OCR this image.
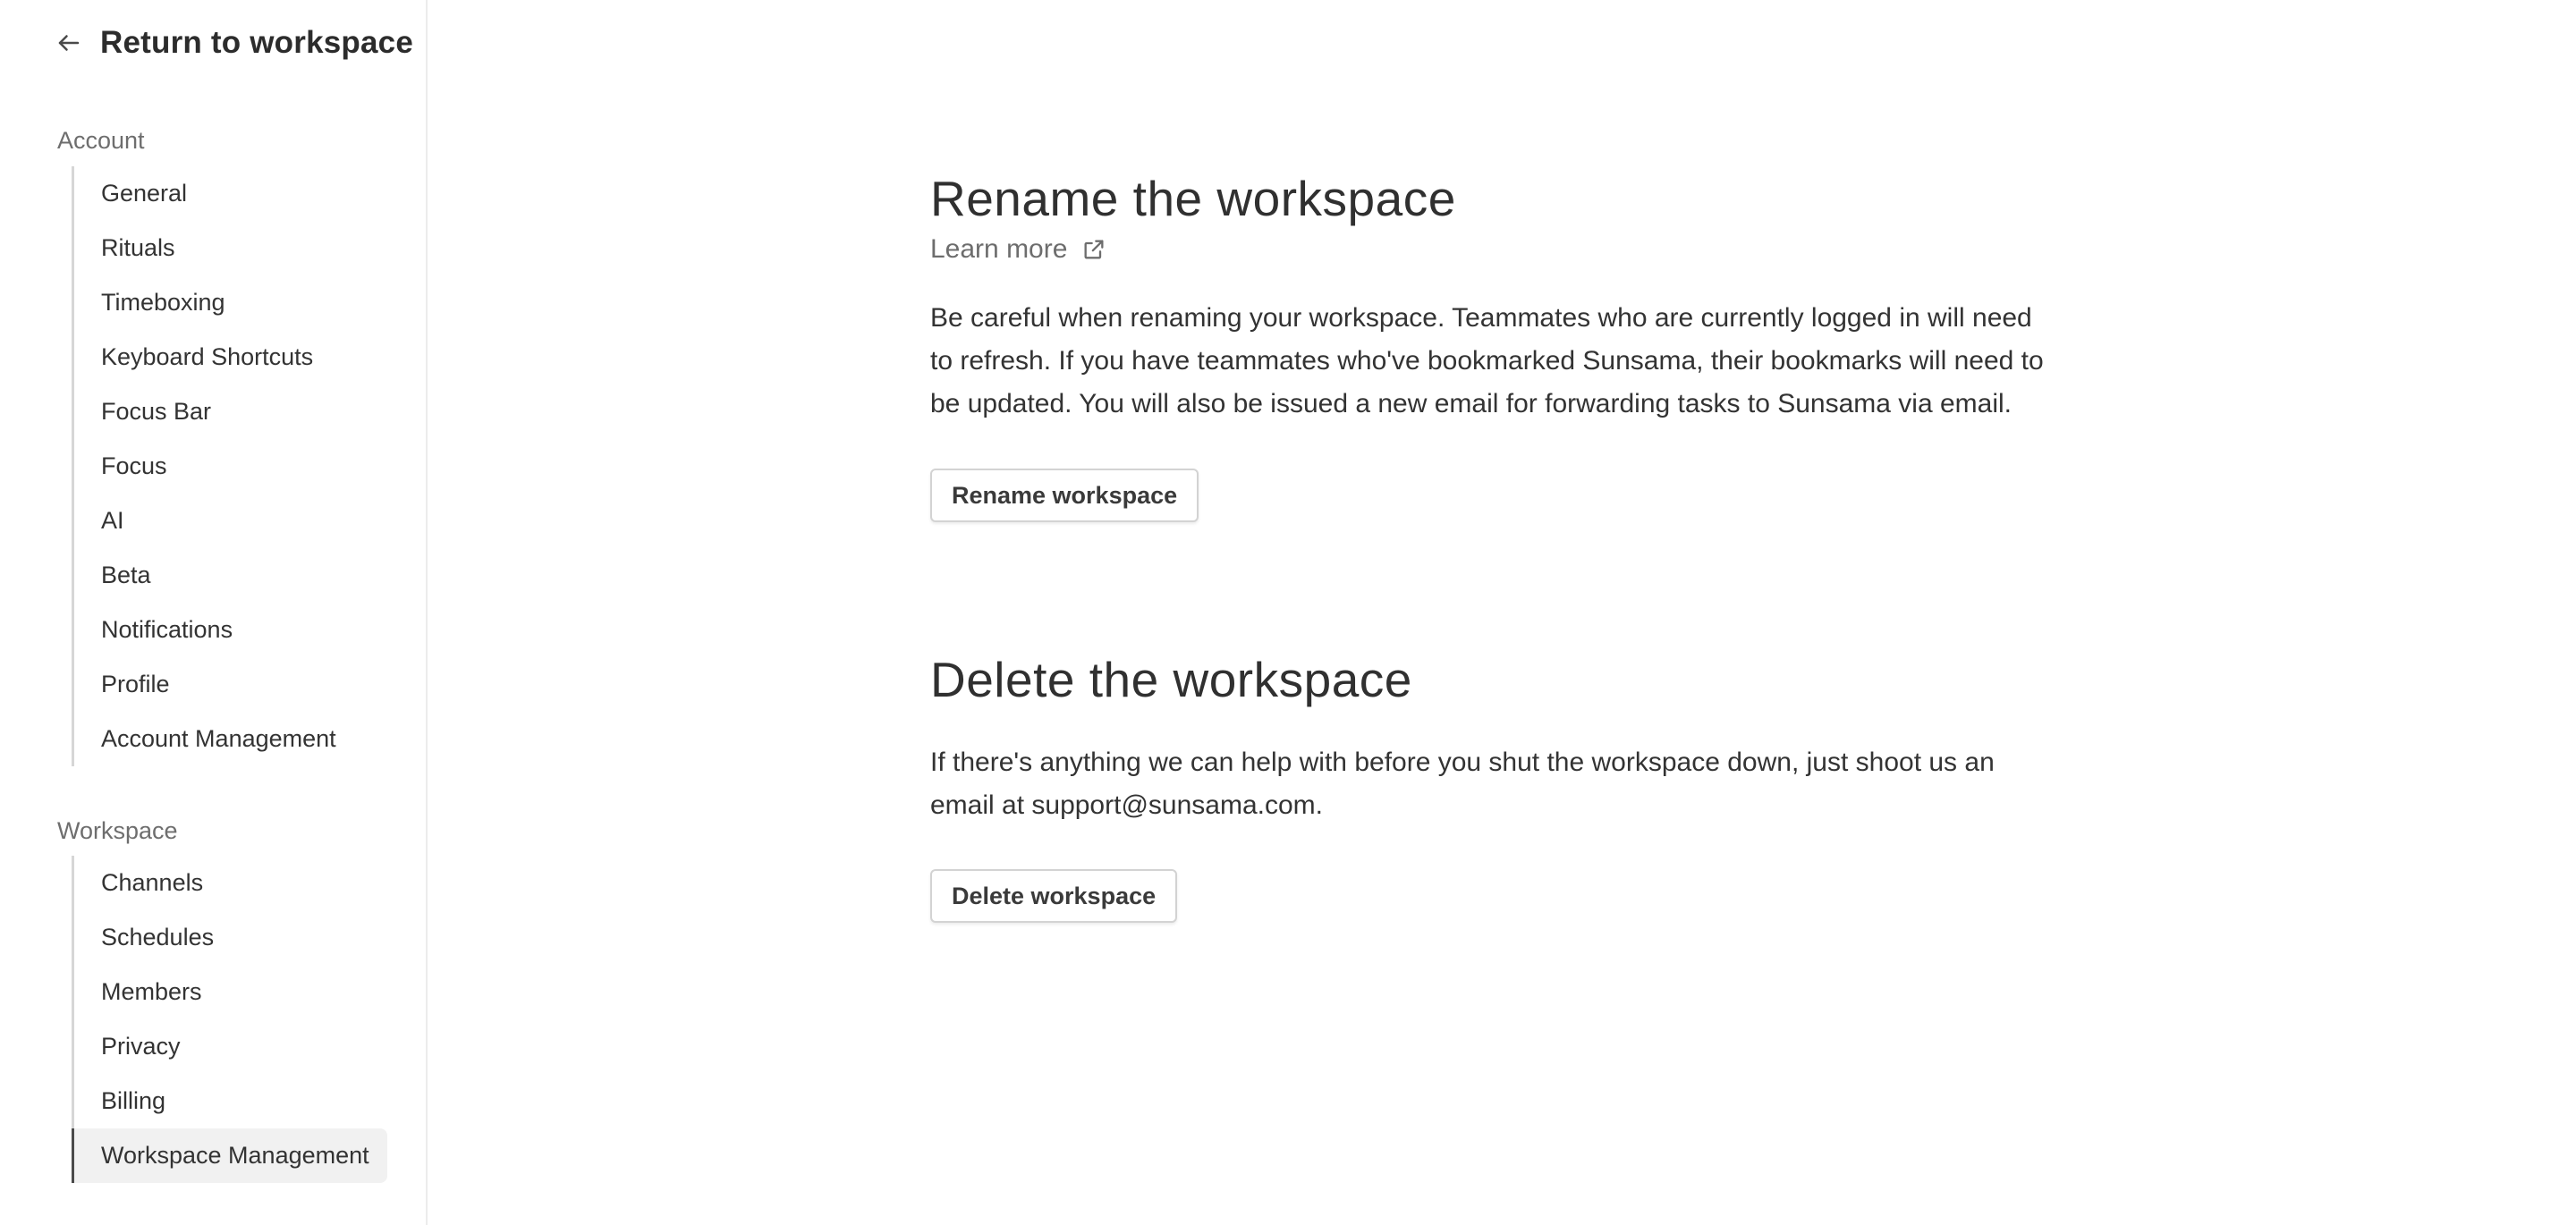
Return to workspace
Account
General
Rituals
Timeboxing
Keyboard Shortcuts
Focus Bar
Focus
AI
Beta
Notifications
Profile
Account Management
Workspace
Channels
Schedules
Members
Privacy
Billing
Workspace Management
Rename the workspace
Learn more

Be careful when renaming your workspace. Teammates who are currently logged in will need to refresh. If you have teammates who've bookmarked Sunsama, their bookmarks will need to be updated. You will also be issued a new email for forwarding tasks to Sunsama via email.

Rename workspace
Delete the workspace

If there's anything we can help with before you shut the workspace down, just shoot us an email at support@sunsama.com.

Delete workspace
